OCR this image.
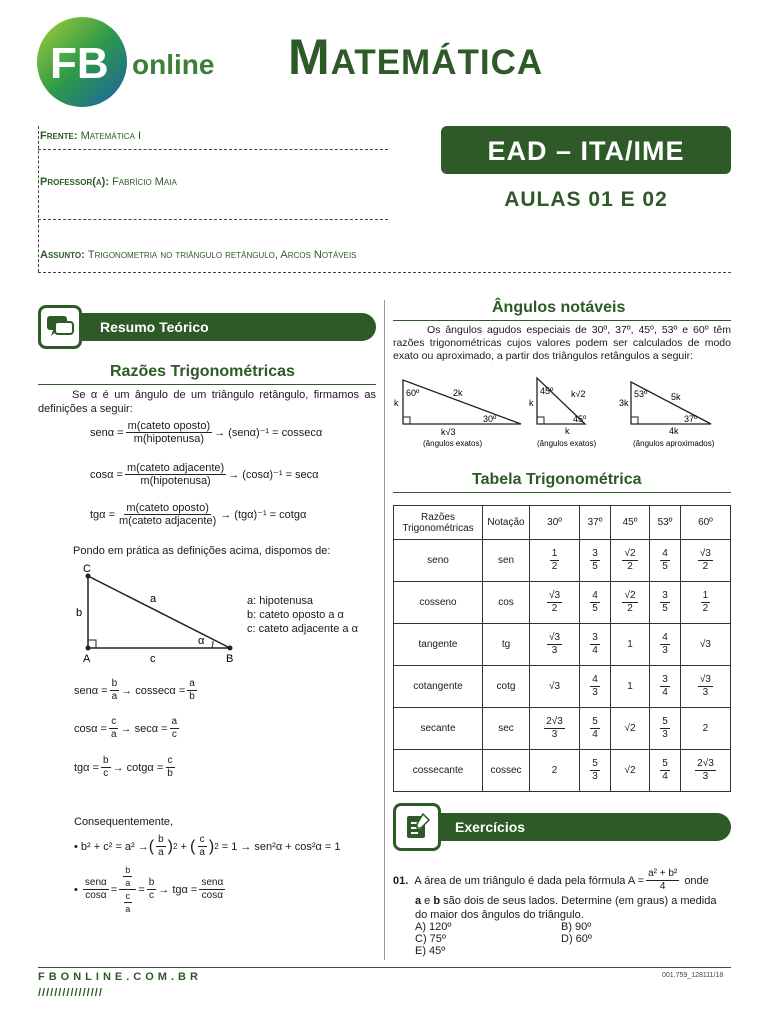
FB online Matemática
Frente: Matemática I
Professor(a): Fabrício Maia
Assunto: Trigonometria no triângulo retângulo, Arcos Notáveis
EAD – ITA/IME
AULAS 01 E 02
Resumo Teórico
Razões Trigonométricas
Se α é um ângulo de um triângulo retângulo, firmamos as definições a seguir:
$sen\alpha = \frac{\text{m(cateto oposto)}}{\text{m(hipotenusa)}} \to (sen\alpha)^{-1} = cossec\alpha$
$\cos\alpha = \frac{\text{m(cateto adjacente)}}{\text{m(hipotenusa)}} \to (\cos\alpha)^{-1} = \sec\alpha$
$tg\alpha = \frac{\text{m(cateto oposto)}}{\text{m(cateto adjacente)}} \to (tg\alpha)^{-1} = \cot g\alpha$
Pondo em prática as definições acima, dispomos de:
C
A	B
a
b
c
α
a: hipotenusa
b: cateto oposto a α
c: cateto adjacente a α
$sen\alpha = \frac{b}{a} \to cossec\alpha = \frac{a}{b}$
$\cos\alpha = \frac{c}{a} \to \sec\alpha = \frac{a}{c}$
$tg\alpha = \frac{b}{c} \to \cot g\alpha = \frac{c}{b}$
Consequentemente,
• b² + c² = a² → ( $\frac{b}{a}$ ) 2 + ( $\frac{c}{a}$ ) 2
= 1 → sen²α + cos²α = 1
•
$\frac{\text{senα}}{\cos\alpha} = \frac{\frac{b}{a}}{\frac{c}{a}} = \frac{b}{c} \to tg\alpha = \frac{\text{senα}}{\cos\alpha}$
Ângulos notáveis
Os ângulos agudos especiais de 30º, 37º, 45º, 53º e 60º têm razões trigonométricas cujos valores podem ser calculados de modo exato ou aproximado, a partir dos triângulos retângulos a seguir:
60º
30º
2k
k
k√3
(ângulos exatos)
45º
45º
k√2
k
k
(ângulos exatos)
53º
37º
5k
3k
4k
(ângulos aproximados)
Tabela Trigonométrica
Razões Trigonométricas	Notação	30º	37º	45º	53º	60º
seno	sen	$\frac{1}{2}$	$\frac{3}{5}$	$\frac{√2}{2}$	$\frac{4}{5}$	$\frac{√3}{2}$

cosseno	cos	$\frac{√3}{2}$	$\frac{4}{5}$	$\frac{√2}{2}$	$\frac{3}{5}$	$\frac{1}{2}$

tangente	tg	$\frac{√3}{3}$	$\frac{3}{4}$	1	$\frac{4}{3}$	√3
cotangente	cotg	√3	$\frac{4}{3}$	1	$\frac{3}{4}$	$\frac{√3}{3}$

secante	sec	$\frac{2√3}{3}$	$\frac{5}{4}$	√2	$\frac{5}{3}$	2
cossecante	cossec	2	$\frac{5}{3}$	√2	$\frac{5}{4}$	$\frac{2√3}{3}$
Exercícios
01.
A área de um triângulo é dada pela fórmula $A = \frac{\text{a² + b²}}{4}$
onde
a e b são dois de seus lados. Determine (em graus) a medida do maior dos ângulos do triângulo.
A) 120º	B) 90º
C) 75º	D) 60º
E) 45º
FBONLINE.COM.BR
////////////////
001.759_128111/18
